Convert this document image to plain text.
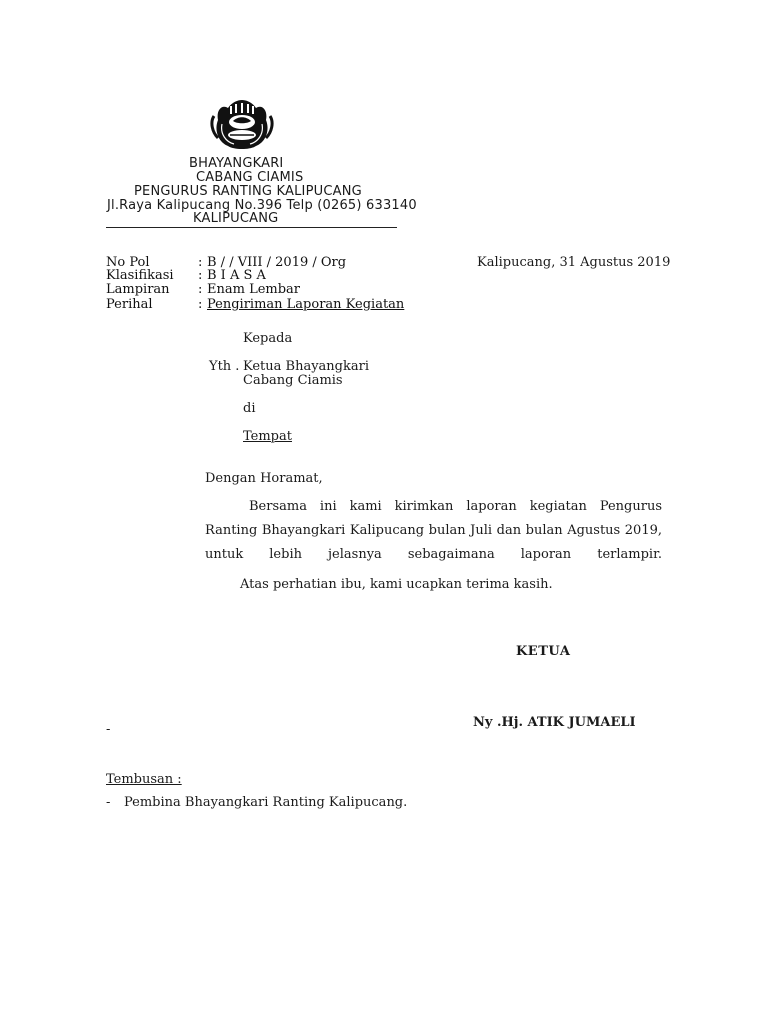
BHAYANGKARI
CABANG CIAMIS
PENGURUS RANTING KALIPUCANG
Jl.Raya Kalipucang No.396 Telp (0265) 633140
KALIPUCANG
No Pol	: B / / VIII / 2019 / Org
Klasifikasi : B I A S A
Lampiran : Enam Lembar
Perihal	: Pengiriman Laporan Kegiatan
Kalipucang, 31 Agustus 2019
Kepada
Yth . Ketua Bhayangkari
Cabang Ciamis
di
Tempat
Dengan Horamat,
Bersama ini kami kirimkan laporan kegiatan Pengurus Ranting Bhayangkari Kalipucang bulan Juli dan bulan Agustus 2019, untuk lebih jelasnya sebagaimana laporan terlampir.
Atas perhatian ibu, kami ucapkan terima kasih.
KETUA
Ny .Hj. ATIK JUMAELI
-
Tembusan :
- Pembina Bhayangkari Ranting Kalipucang.
